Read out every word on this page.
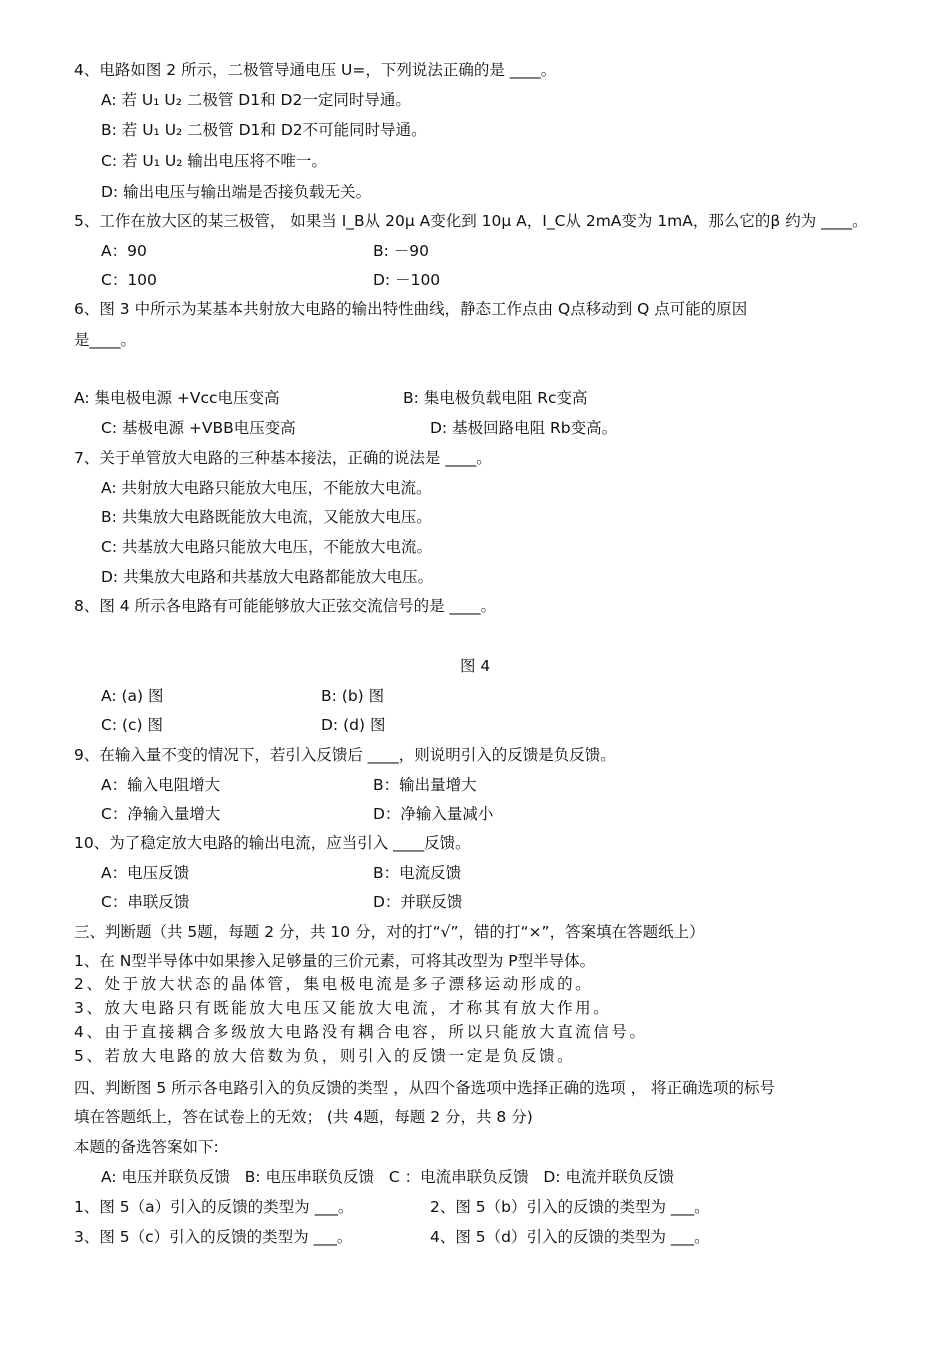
4、电路如图 2 所示，二极管导通电压 U=，下列说法正确的是 ____。
A: 若 U₁ U₂ 二极管 D1和 D2一定同时导通。
B: 若 U₁ U₂ 二极管 D1和 D2不可能同时导通。
C: 若 U₁ U₂ 输出电压将不唯一。
D: 输出电压与输出端是否接负载无关。
5、工作在放大区的某三极管， 如果当 I_B从 20μ A变化到 10μ A，I_C从 2mA变为 1mA，那么它的β 约为 ____。
A：90	B: －90
C：100	D: －100
6、图 3 中所示为某基本共射放大电路的输出特性曲线，静态工作点由 Q点移动到 Q 点可能的原因
是____。
A: 集电极电源 +Vcc电压变高	B: 集电极负载电阻 Rc变高
C: 基极电源 +VBB电压变高	D: 基极回路电阻 Rb变高。
7、关于单管放大电路的三种基本接法，正确的说法是 ____。
A: 共射放大电路只能放大电压，不能放大电流。
B: 共集放大电路既能放大电流，又能放大电压。
C: 共基放大电路只能放大电压，不能放大电流。
D: 共集放大电路和共基放大电路都能放大电压。
8、图 4 所示各电路有可能能够放大正弦交流信号的是 ____。
图 4
A: (a) 图	B: (b) 图
C: (c) 图	D: (d) 图
9、在输入量不变的情况下，若引入反馈后 ____，则说明引入的反馈是负反馈。
A：输入电阻增大	B：输出量增大
C：净输入量增大	D：净输入量减小
10、为了稳定放大电路的输出电流，应当引入 ____反馈。
A：电压反馈	B：电流反馈
C：串联反馈	D：并联反馈
三、判断题（共 5题，每题 2 分，共 10 分，对的打“√”，错的打“×”，答案填在答题纸上）
1、在 N型半导体中如果掺入足够量的三价元素，可将其改型为 P型半导体。
2、处于放大状态的晶体管，集电极电流是多子漂移运动形成的。
3、放大电路只有既能放大电压又能放大电流，才称其有放大作用。
4、由于直接耦合多级放大电路没有耦合电容，所以只能放大直流信号。
5、若放大电路的放大倍数为负，则引入的反馈一定是负反馈。
四、判断图 5 所示各电路引入的负反馈的类型 ，从四个备选项中选择正确的选项 ， 将正确选项的标号
填在答题纸上，答在试卷上的无效； (共 4题，每题 2 分，共 8 分)
本题的备选答案如下:
A: 电压并联负反馈   B: 电压串联负反馈   C ：电流串联负反馈   D: 电流并联负反馈
1、图 5（a）引入的反馈的类型为 ___。	2、图 5（b）引入的反馈的类型为 ___。
3、图 5（c）引入的反馈的类型为 ___。	4、图 5（d）引入的反馈的类型为 ___。
